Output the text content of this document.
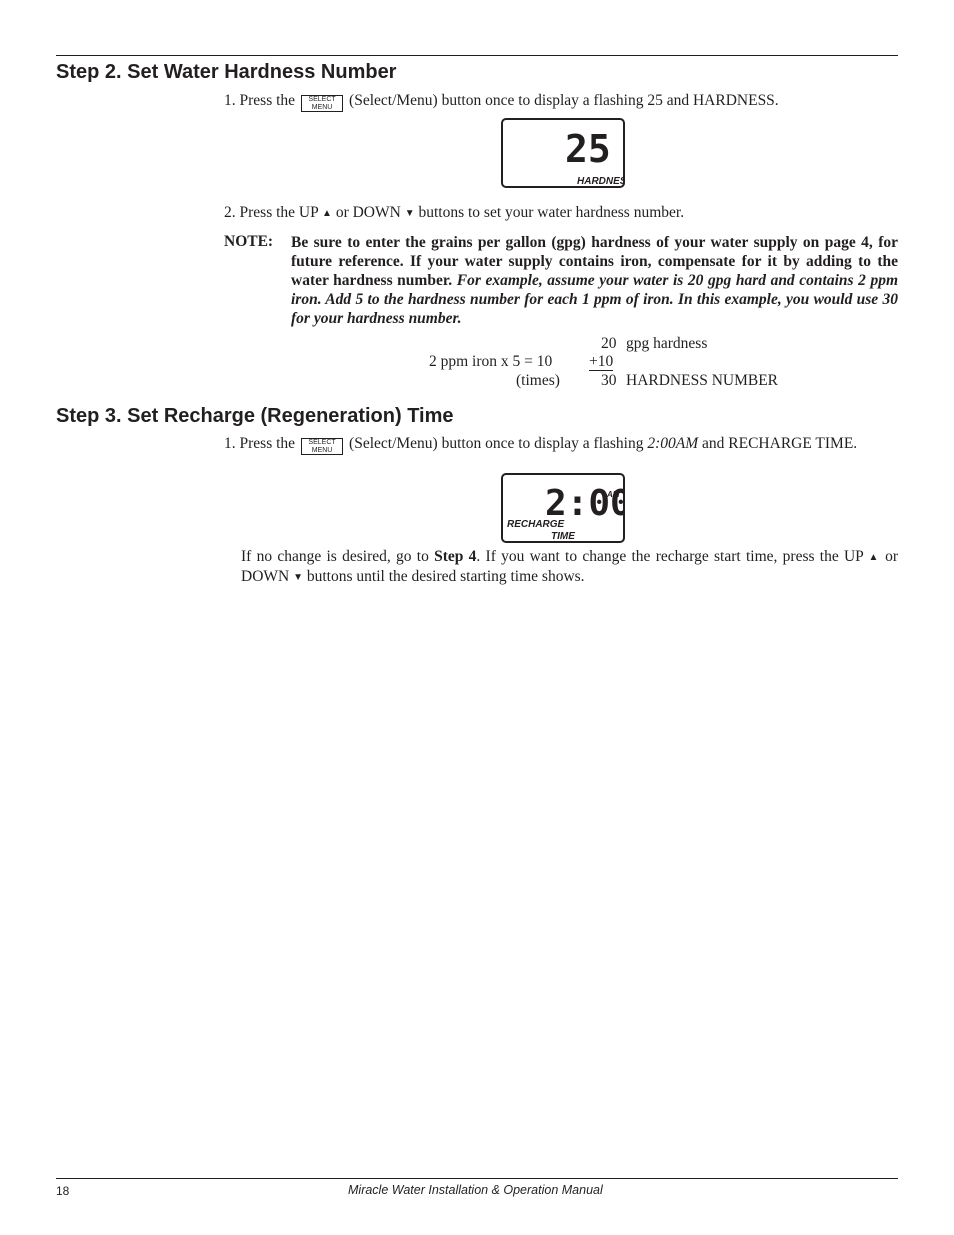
Step 2. Set Water Hardness Number
1. Press the	SELECT
MENU	(Select/Menu) button once to display a flashing 25 and HARDNESS.
25
HARDNE
2. Press the UP ▲ or DOWN ▼ buttons to set your water hardness number.
NOTE: Be sure to enter the grains per gallon (gpg) hardness of your water supply on page 4, for future reference. If your water supply contains iron, compensate for it by adding to the water hardness number. For example, assume your water is 20 gpg hard and contains 2 ppm iron. Add 5 to the hardness number for each 1 ppm of iron. In this example, you would use 30 for your hardness number.
20 gpg hardness
2 ppm iron x 5 = 10 +10
(times)	30 HARDNESS NUMBER
Step 3. Set Recharge (Regeneration) Time
1. Press the	SELECT
MENU	(Select/Menu) button once to display a flashing 2:00AM and RECHARGE TIME.
2:00
AM
RECHARGE
TIME
If no change is desired, go to Step 4. If you want to change the recharge start time, press the UP ▲ or DOWN ▼ buttons until the desired starting time shows.
18	Miracle Water Installation & Operation Manual
